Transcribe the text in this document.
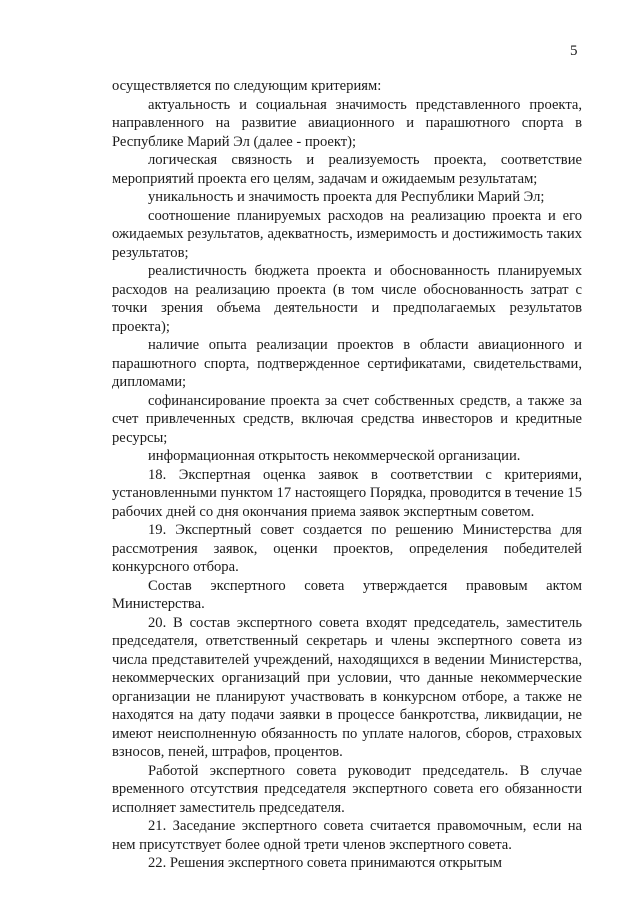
5

осуществляется по следующим критериям:

актуальность и социальная значимость представленного проекта, направленного на развитие авиационного и парашютного спорта в Республике Марий Эл (далее - проект);

логическая связность и реализуемость проекта, соответствие мероприятий проекта его целям, задачам и ожидаемым результатам;

уникальность и значимость проекта для Республики Марий Эл;

соотношение планируемых расходов на реализацию проекта и его ожидаемых результатов, адекватность, измеримость и достижимость таких результатов;

реалистичность бюджета проекта и обоснованность планируемых расходов на реализацию проекта (в том числе обоснованность затрат с точки зрения объема деятельности и предполагаемых результатов проекта);

наличие опыта реализации проектов в области авиационного и парашютного спорта, подтвержденное сертификатами, свидетельствами, дипломами;

софинансирование проекта за счет собственных средств, а также за счет привлеченных средств, включая средства инвесторов и кредитные ресурсы;

информационная открытость некоммерческой организации.

18. Экспертная оценка заявок в соответствии с критериями, установленными пунктом 17 настоящего Порядка, проводится в течение 15 рабочих дней со дня окончания приема заявок экспертным советом.

19. Экспертный совет создается по решению Министерства для рассмотрения заявок, оценки проектов, определения победителей конкурсного отбора.

Состав экспертного совета утверждается правовым актом Министерства.

20. В состав экспертного совета входят председатель, заместитель председателя, ответственный секретарь и члены экспертного совета из числа представителей учреждений, находящихся в ведении Министерства, некоммерческих организаций при условии, что данные некоммерческие организации не планируют участвовать в конкурсном отборе, а также не находятся на дату подачи заявки в процессе банкротства, ликвидации, не имеют неисполненную обязанность по уплате налогов, сборов, страховых взносов, пеней, штрафов, процентов.

Работой экспертного совета руководит председатель. В случае временного отсутствия председателя экспертного совета его обязанности исполняет заместитель председателя.

21. Заседание экспертного совета считается правомочным, если на нем присутствует более одной трети членов экспертного совета.

22. Решения экспертного совета принимаются открытым
